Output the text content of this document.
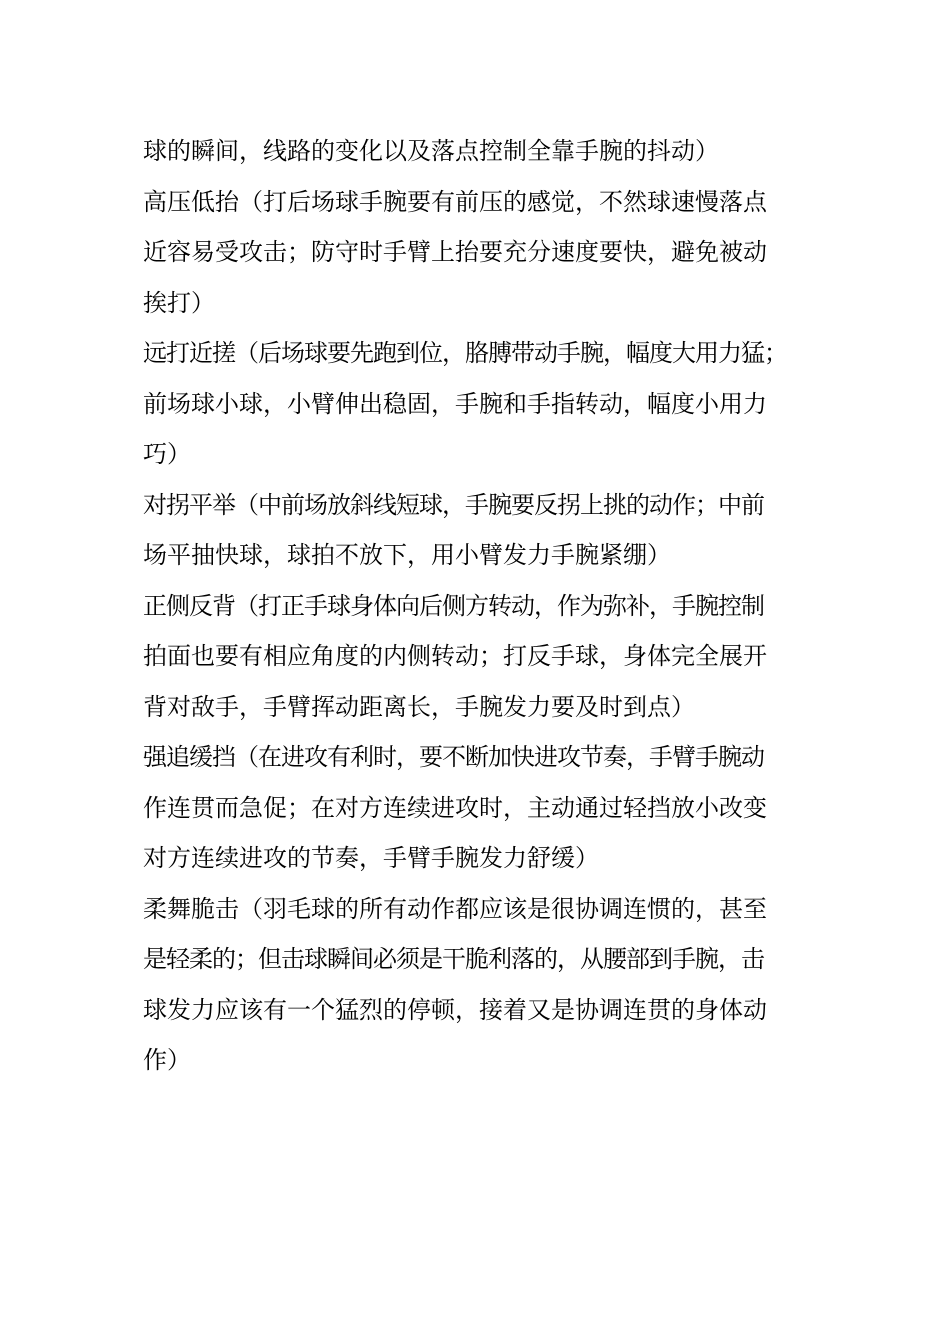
球的瞬间，线路的变化以及落点控制全靠手腕的抖动）
高压低抬（打后场球手腕要有前压的感觉，不然球速慢落点
近容易受攻击；防守时手臂上抬要充分速度要快，避免被动
挨打）
远打近搓（后场球要先跑到位，胳膊带动手腕，幅度大用力猛；
前场球小球，小臂伸出稳固，手腕和手指转动，幅度小用力
巧）
对拐平举（中前场放斜线短球，手腕要反拐上挑的动作；中前
场平抽快球，球拍不放下，用小臂发力手腕紧绷）
正侧反背（打正手球身体向后侧方转动，作为弥补，手腕控制
拍面也要有相应角度的内侧转动；打反手球，身体完全展开
背对敌手，手臂挥动距离长，手腕发力要及时到点）
强追缓挡（在进攻有利时，要不断加快进攻节奏，手臂手腕动
作连贯而急促；在对方连续进攻时，主动通过轻挡放小改变
对方连续进攻的节奏，手臂手腕发力舒缓）
柔舞脆击（羽毛球的所有动作都应该是很协调连惯的，甚至
是轻柔的；但击球瞬间必须是干脆利落的，从腰部到手腕，击
球发力应该有一个猛烈的停顿，接着又是协调连贯的身体动
作）
